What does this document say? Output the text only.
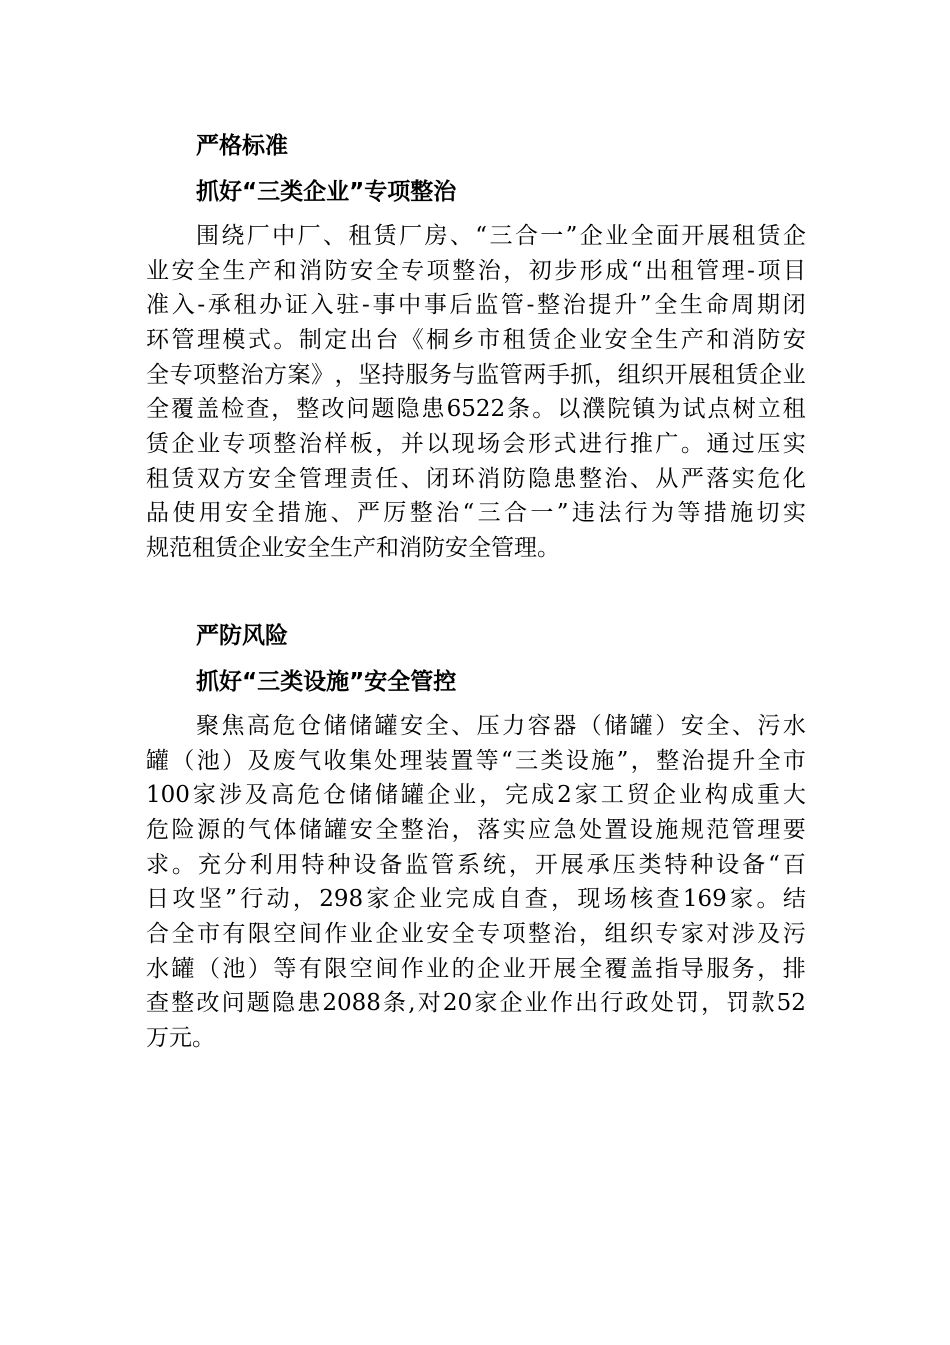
严格标准
抓好“三类企业”专项整治

围 绕 厂 中 厂 、 租 赁 厂 房 、 “ 三 合 一 ” 企 业 全 面 开 展 租 赁 企

业 安 全 生 产 和 消 防 安 全 专 项 整 治 ， 初 步 形 成 “ 出 租 管 理 - 项 目

准 入 - 承 租 办 证 入 驻 - 事 中 事 后 监 管 - 整 治 提 升 ” 全 生 命 周 期 闭

环 管 理 模 式 。 制 定 出 台 《 桐 乡 市 租 赁 企 业 安 全 生 产 和 消 防 安

全 专 项 整 治 方 案 》 ， 坚 持 服 务 与 监 管 两 手 抓 ， 组 织 开 展 租 赁 企 业

全 覆 盖 检 查 ， 整 改 问 题 隐 患 6522 条 。 以 濮 院 镇 为 试 点 树 立 租

赁 企 业 专 项 整 治 样 板 ， 并 以 现 场 会 形 式 进 行 推 广 。 通 过 压 实

租 赁 双 方 安 全 管 理 责 任 、 闭 环 消 防 隐 患 整 治 、 从 严 落 实 危 化

品 使 用 安 全 措 施 、 严 厉 整 治 “ 三 合 一 ” 违 法 行 为 等 措 施 切 实

规范租赁企业安全生产和消防安全管理。

严防风险
抓好“三类设施”安全管控

聚 焦 高 危 仓 储 储 罐 安 全 、 压 力 容 器 （ 储 罐 ） 安 全 、 污 水

罐 （ 池 ） 及 废 气 收 集 处 理 装 置 等 “ 三 类 设 施 ” ， 整 治 提 升 全 市

100 家 涉 及 高 危 仓 储 储 罐 企 业 ， 完 成 2 家 工 贸 企 业 构 成 重 大

危 险 源 的 气 体 储 罐 安 全 整 治 ， 落 实 应 急 处 置 设 施 规 范 管 理 要

求 。 充 分 利 用 特 种 设 备 监 管 系 统 ， 开 展 承 压 类 特 种 设 备 “ 百

日 攻 坚 ” 行 动 ， 298 家 企 业 完 成 自 查 ， 现 场 核 查 169 家 。 结

合 全 市 有 限 空 间 作 业 企 业 安 全 专 项 整 治 ， 组 织 专 家 对 涉 及 污

水 罐 （ 池 ） 等 有 限 空 间 作 业 的 企 业 开 展 全 覆 盖 指 导 服 务 ， 排

查 整 改 问 题 隐 患 2088 条 , 对 20 家 企 业 作 出 行 政 处 罚 ， 罚 款 52

万元。
